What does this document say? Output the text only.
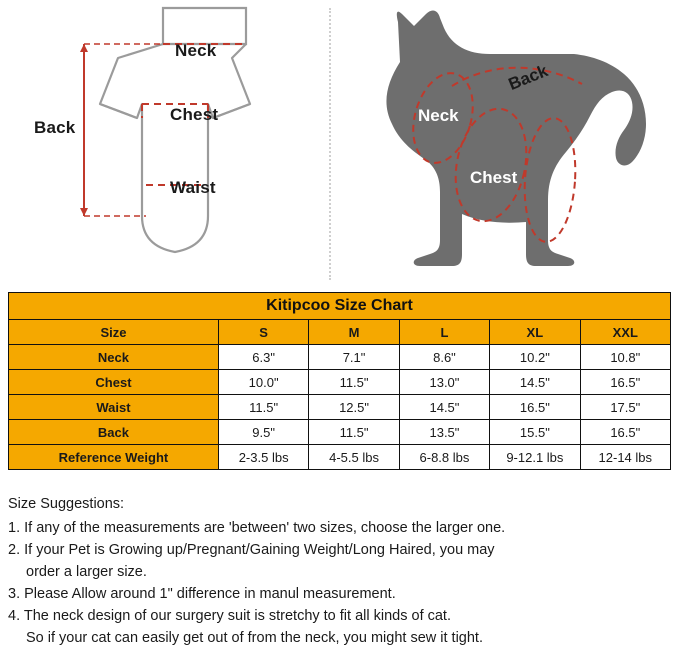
Neck
Chest
Waist
Back
Back
Neck
Chest
Waist
Kitipcoo Size Chart					
Size	S	M	L	XL	XXL
Neck	6.3"	7.1"	8.6"	10.2"	10.8"
Chest	10.0"	11.5"	13.0"	14.5"	16.5"
Waist	11.5"	12.5"	14.5"	16.5"	17.5"
Back	9.5"	11.5"	13.5"	15.5"	16.5"
Reference Weight	2-3.5 lbs	4-5.5 lbs	6-8.8 lbs	9-12.1 lbs	12-14 lbs
Size Suggestions:
1. If any of the measurements are 'between' two sizes, choose the larger one.
2. If your Pet is Growing up/Pregnant/Gaining Weight/Long Haired, you may
order a larger size.
3. Please Allow around 1" difference in manul measurement.
4. The neck design of our surgery suit is stretchy to fit all kinds of cat.
So if your cat can easily get out of from the neck, you might sew it tight.
